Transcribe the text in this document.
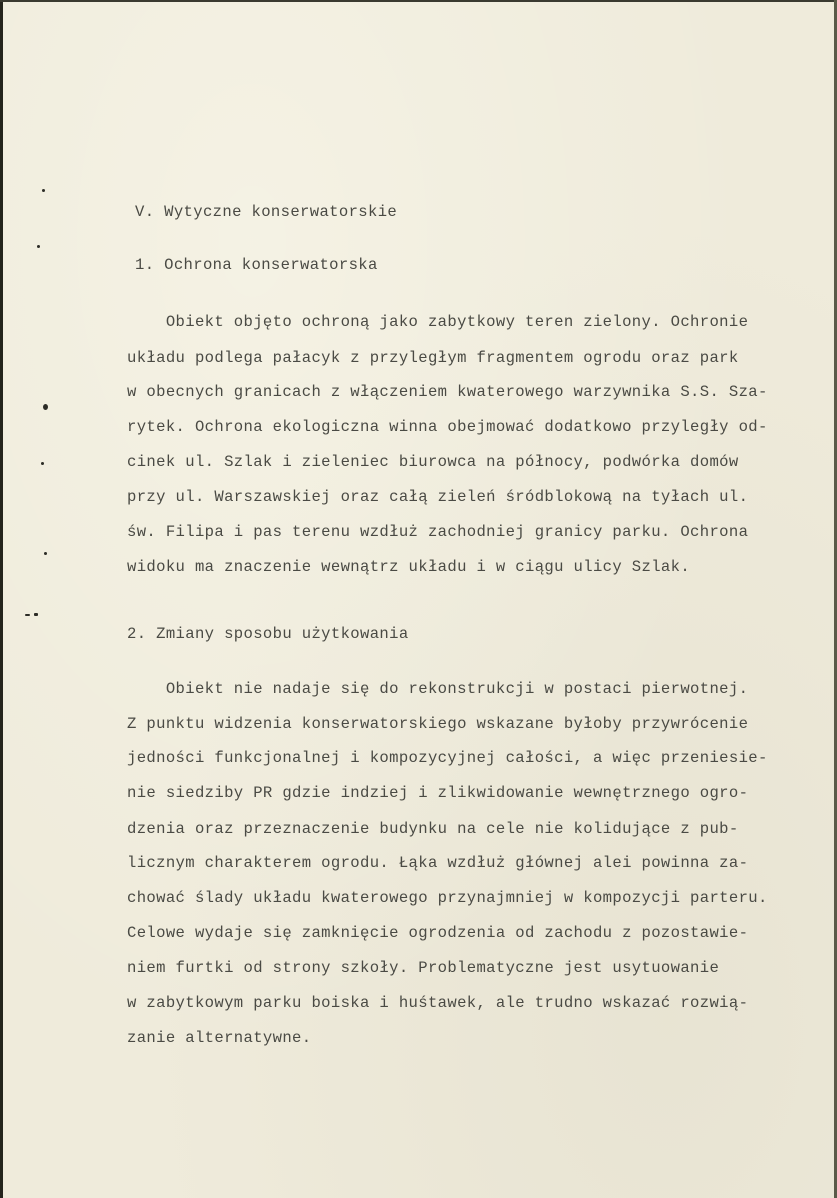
V. Wytyczne konserwatorskie
1. Ochrona konserwatorska
Obiekt objęto ochroną jako zabytkowy teren zielony. Ochronie
układu podlega pałacyk z przyległym fragmentem ogrodu oraz park
w obecnych granicach z włączeniem kwaterowego warzywnika S.S. Sza-
rytek. Ochrona ekologiczna winna obejmować dodatkowo przyległy od-
cinek ul. Szlak i zieleniec biurowca na północy, podwórka domów
przy ul. Warszawskiej oraz całą zieleń śródblokową na tyłach ul.
św. Filipa i pas terenu wzdłuż zachodniej granicy parku. Ochrona
widoku ma znaczenie wewnątrz układu i w ciągu ulicy Szlak.
2. Zmiany sposobu użytkowania
Obiekt nie nadaje się do rekonstrukcji w postaci pierwotnej.
Z punktu widzenia konserwatorskiego wskazane byłoby przywrócenie
jedności funkcjonalnej i kompozycyjnej całości, a więc przeniesie-
nie siedziby PR gdzie indziej i zlikwidowanie wewnętrznego ogro-
dzenia oraz przeznaczenie budynku na cele nie kolidujące z pub-
licznym charakterem ogrodu. Łąka wzdłuż głównej alei powinna za-
chować ślady układu kwaterowego przynajmniej w kompozycji parteru.
Celowe wydaje się zamknięcie ogrodzenia od zachodu z pozostawie-
niem furtki od strony szkoły. Problematyczne jest usytuowanie
w zabytkowym parku boiska i huśtawek, ale trudno wskazać rozwią-
zanie alternatywne.
